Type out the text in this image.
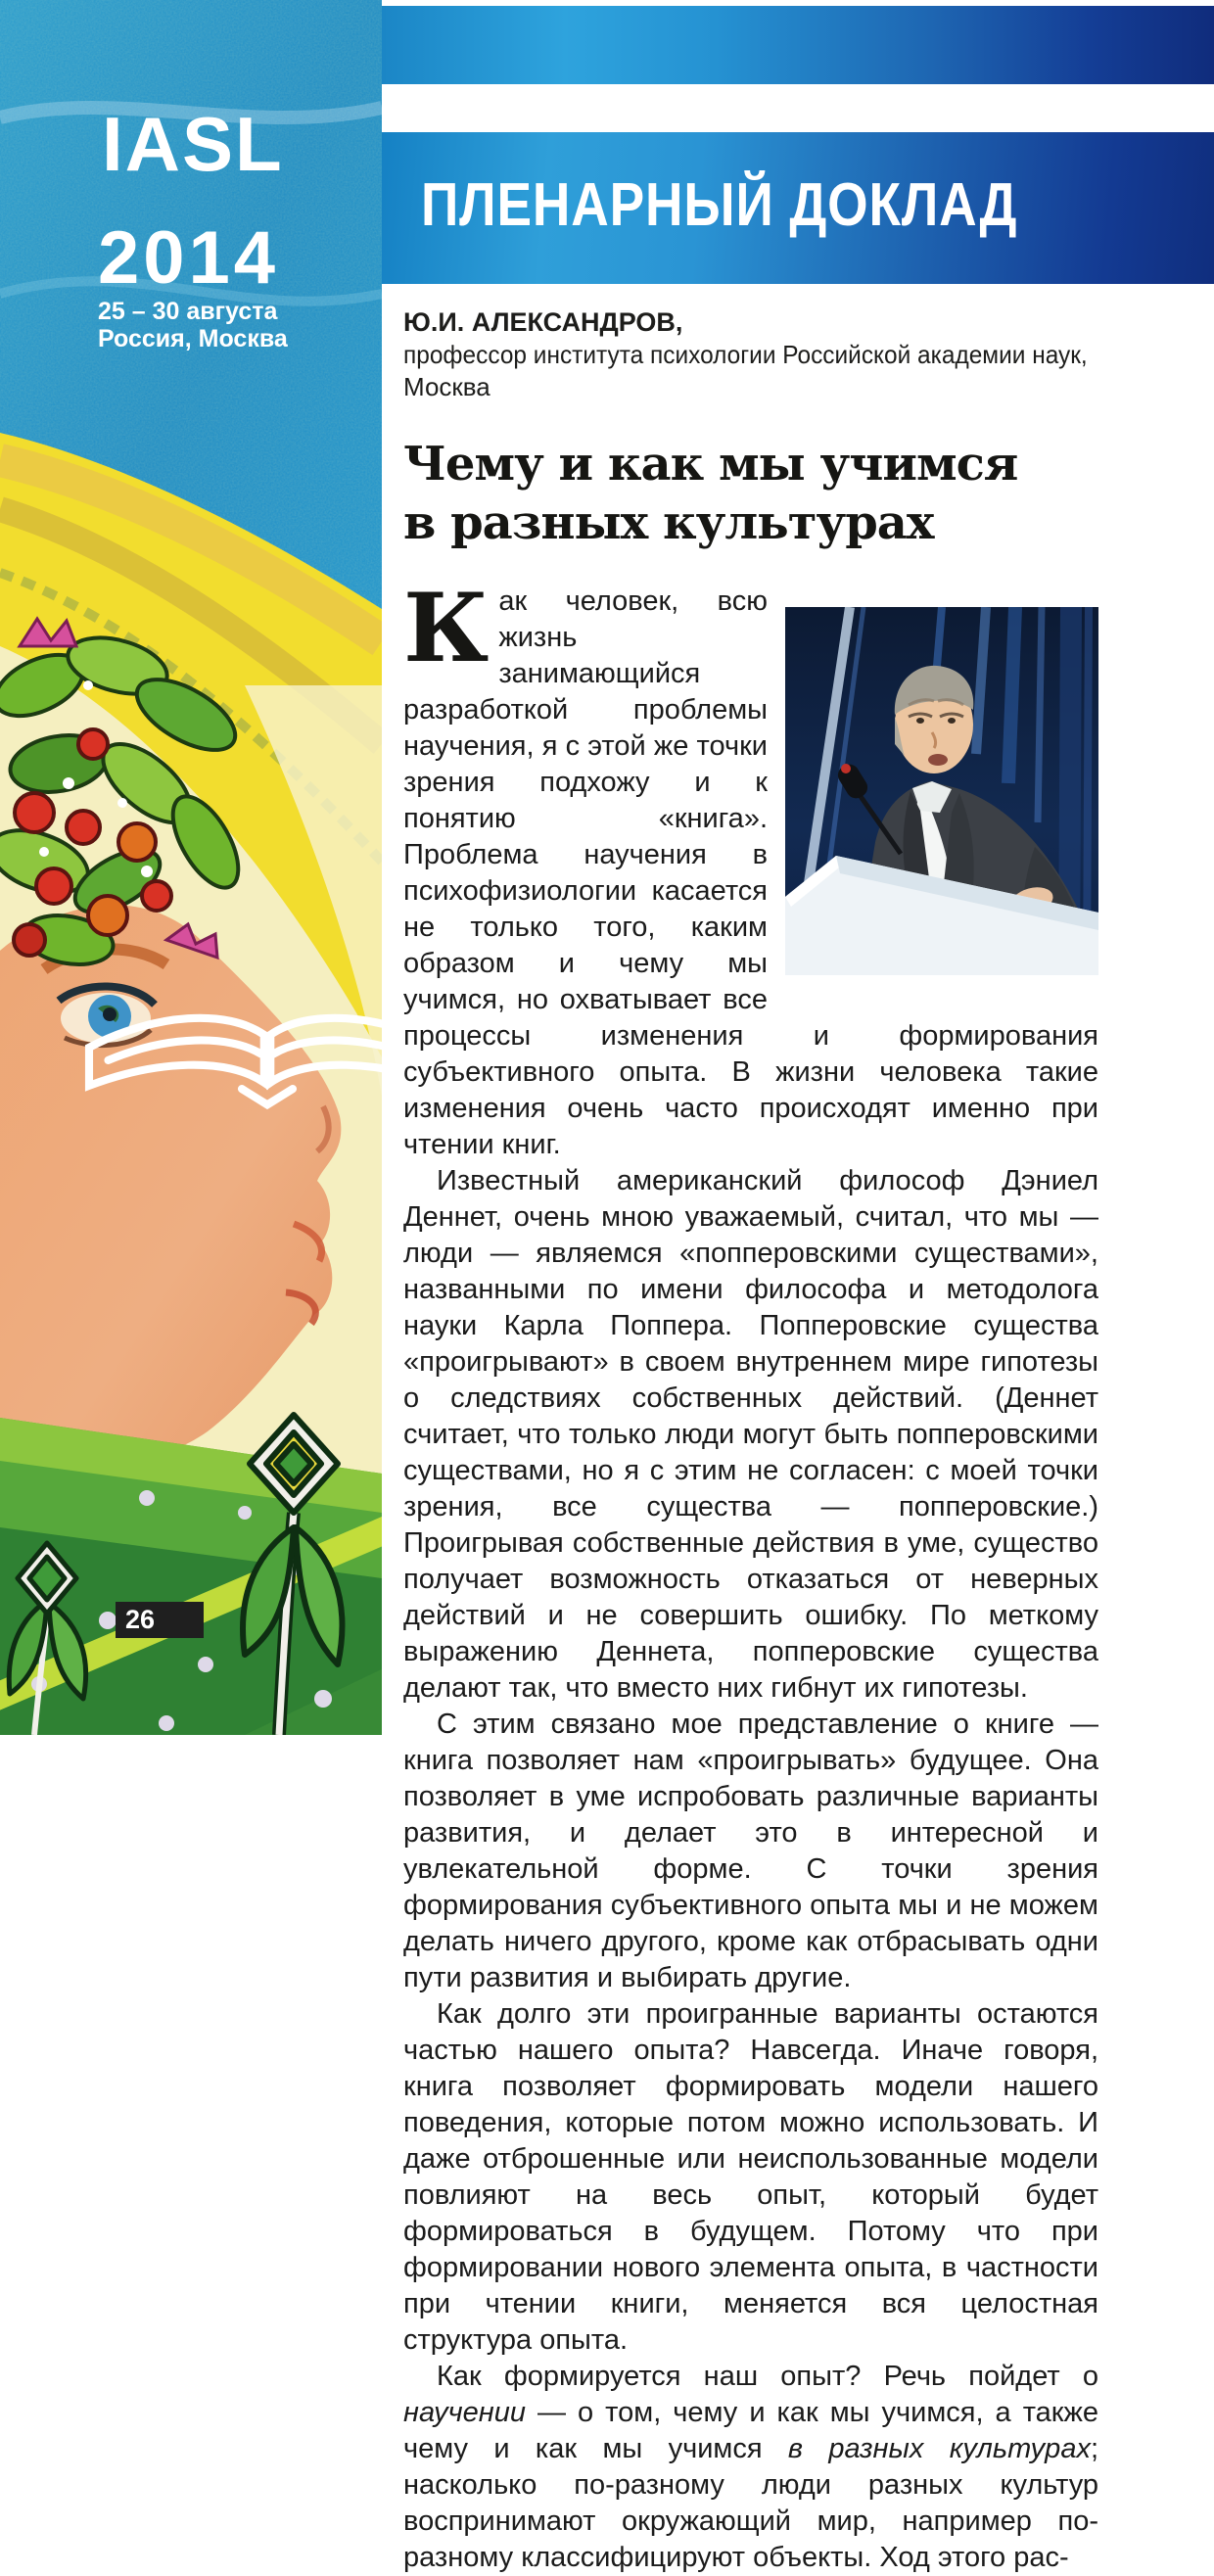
IASL
2014
25 – 30 августа
Россия, Москва
26
ПЛЕНАРНЫЙ ДОКЛАД
Ю.И. АЛЕКСАНДРОВ,
профессор института психологии Российской академии наук,
Москва
Чему и как мы учимся
в разных культурах

Как человек, всю жизнь занимающийся разработкой проблемы научения, я с этой же точки зрения подхожу и к понятию «книга». Проблема научения в психофизиологии касается не только того, каким образом и чему мы учимся, но охватывает все процессы изменения и формирования субъективного опыта. В жизни человека такие изменения очень часто происходят именно при чтении книг.

Известный американский философ Дэниел Деннет, очень мною уважаемый, считал, что мы — люди — являемся «попперовскими существами», названными по имени философа и методолога науки Карла Поппера. Попперовские существа «проигрывают» в своем внутреннем мире гипотезы о следствиях собственных действий. (Деннет считает, что только люди могут быть попперовскими существами, но я с этим не согласен: с моей точки зрения, все существа — попперовские.) Проигрывая собственные действия в уме, существо получает возможность отказаться от неверных действий и не совершить ошибку. По меткому выражению Деннета, попперовские существа делают так, что вместо них гибнут их гипотезы.

С этим связано мое представление о книге — книга позволяет нам «проигрывать» будущее. Она позволяет в уме испробовать различные варианты развития, и делает это в интересной и увлекательной форме. С точки зрения формирования субъективного опыта мы и не можем делать ничего другого, кроме как отбрасывать одни пути развития и выбирать другие.

Как долго эти проигранные варианты остаются частью нашего опыта? Навсегда. Иначе говоря, книга позволяет формировать модели нашего поведения, которые потом можно использовать. И даже отброшенные или неиспользованные модели повлияют на весь опыт, который будет формироваться в будущем. Потому что при формировании нового элемента опыта, в частности при чтении книги, меняется вся целостная структура опыта.

Как формируется наш опыт? Речь пойдет о научении — о том, чему и как мы учимся, а также чему и как мы учимся в разных культурах; насколько по-разному люди разных культур воспринимают окружающий мир, например по-разному классифицируют объекты. Ход этого рас-
